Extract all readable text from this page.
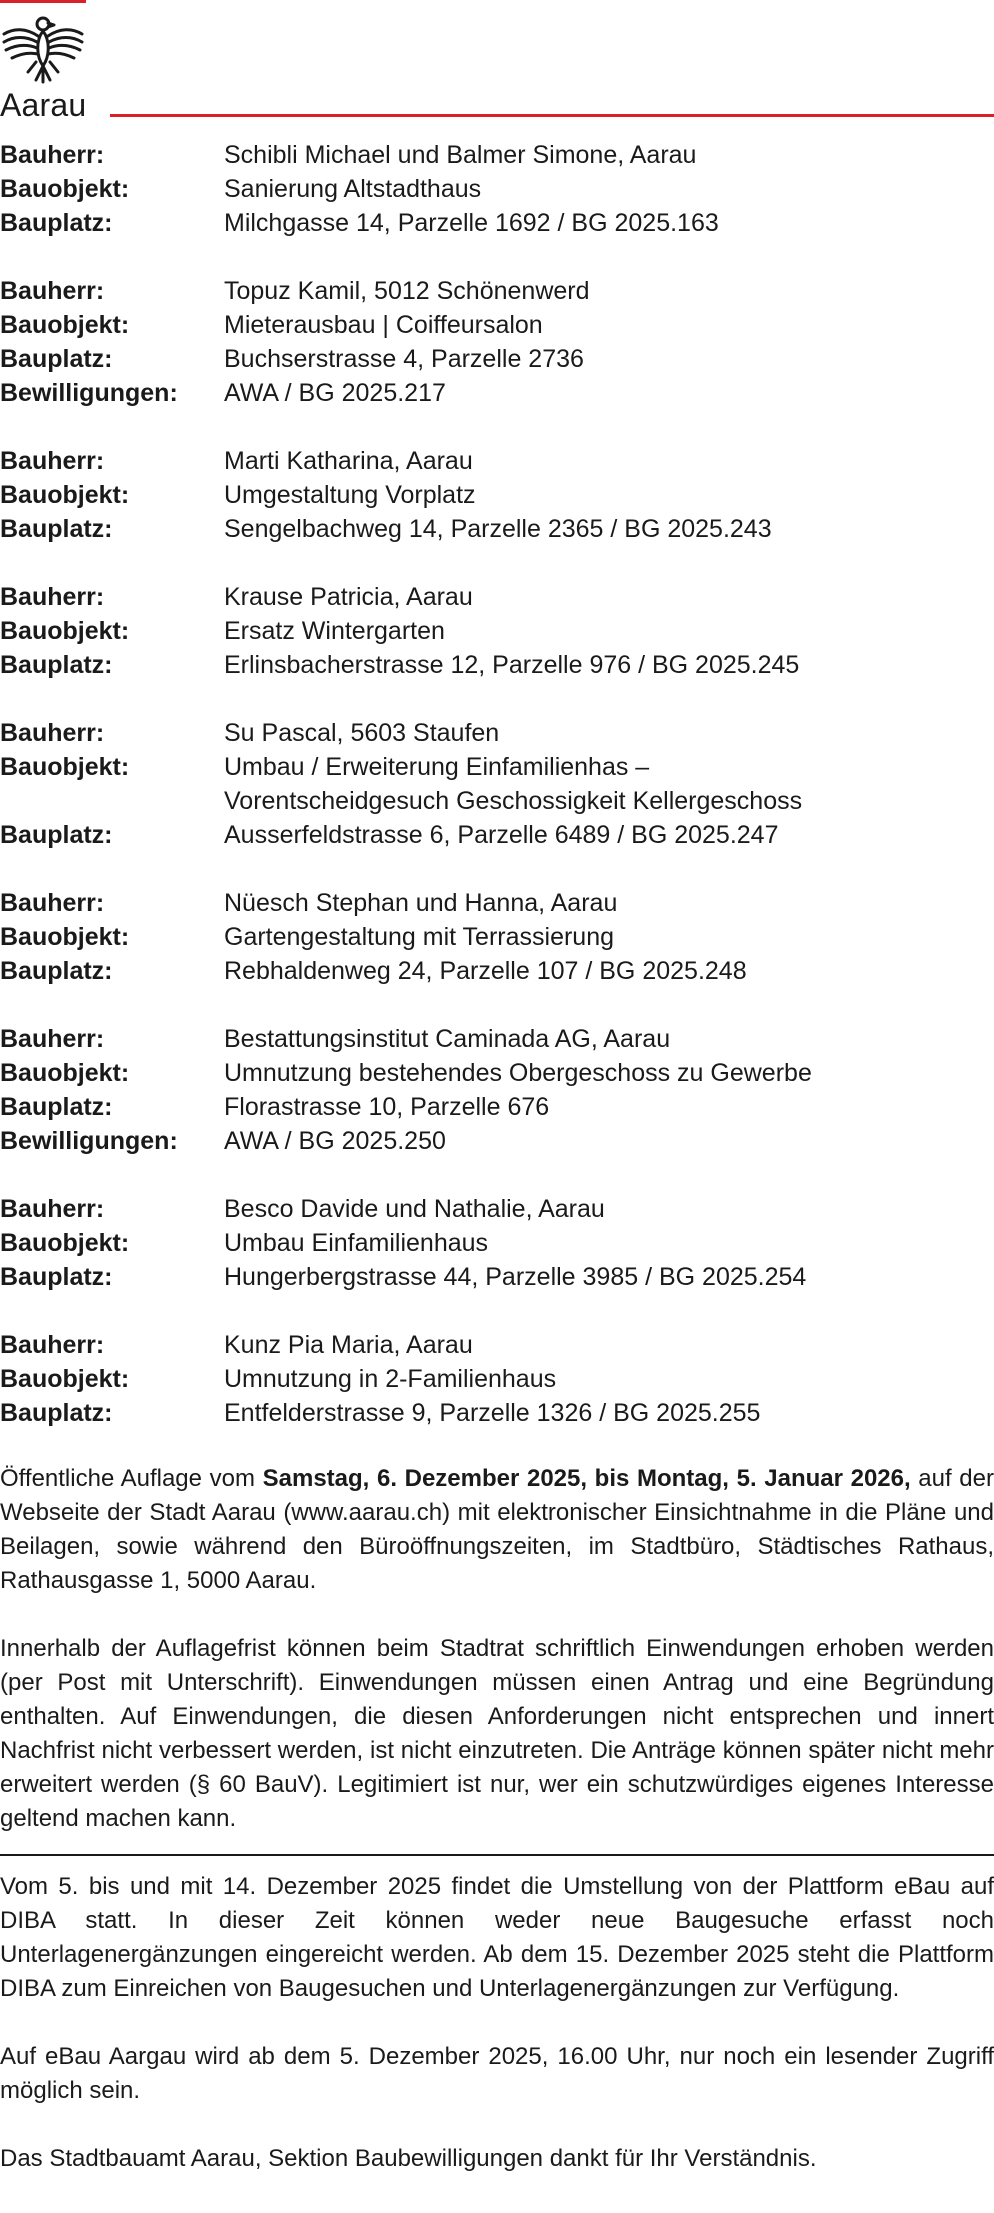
Aarau
Bauherr:	Schibli Michael und Balmer Simone, Aarau
Bauobjekt:	Sanierung Altstadthaus
Bauplatz:	Milchgasse 14, Parzelle 1692 / BG 2025.163
Bauherr:	Topuz Kamil, 5012 Schönenwerd
Bauobjekt:	Mieterausbau | Coiffeursalon
Bauplatz:	Buchserstrasse 4, Parzelle 2736
Bewilligungen:	AWA / BG 2025.217
Bauherr:	Marti Katharina, Aarau
Bauobjekt:	Umgestaltung Vorplatz
Bauplatz:	Sengelbachweg 14, Parzelle 2365 / BG 2025.243
Bauherr:	Krause Patricia, Aarau
Bauobjekt:	Ersatz Wintergarten
Bauplatz:	Erlinsbacherstrasse 12, Parzelle 976 / BG 2025.245
Bauherr:	Su Pascal, 5603 Staufen
Bauobjekt:	Umbau / Erweiterung Einfamilienhas –
Vorentscheidgesuch Geschossigkeit Kellergeschoss
Bauplatz:	Ausserfeldstrasse 6, Parzelle 6489 / BG 2025.247
Bauherr:	Nüesch Stephan und Hanna, Aarau
Bauobjekt:	Gartengestaltung mit Terrassierung
Bauplatz:	Rebhaldenweg 24, Parzelle 107 / BG 2025.248
Bauherr:	Bestattungsinstitut Caminada AG, Aarau
Bauobjekt:	Umnutzung bestehendes Obergeschoss zu Gewerbe
Bauplatz:	Florastrasse 10, Parzelle 676
Bewilligungen:	AWA / BG 2025.250
Bauherr:	Besco Davide und Nathalie, Aarau
Bauobjekt:	Umbau Einfamilienhaus
Bauplatz:	Hungerbergstrasse 44, Parzelle 3985 / BG 2025.254
Bauherr:	Kunz Pia Maria, Aarau
Bauobjekt:	Umnutzung in 2-Familienhaus
Bauplatz:	Entfelderstrasse 9, Parzelle 1326 / BG 2025.255

Öffentliche Auflage vom Samstag, 6. Dezember 2025, bis Montag, 5. Januar 2026, auf der Webseite der Stadt Aarau (www.aarau.ch) mit elektronischer Einsichtnahme in die Pläne und Beilagen, sowie während den Büroöffnungszeiten, im Stadtbüro, Städtisches Rathaus, Rathausgasse 1, 5000 Aarau.

Innerhalb der Auflagefrist können beim Stadtrat schriftlich Einwendungen erhoben werden (per Post mit Unterschrift). Einwendungen müssen einen Antrag und eine Begründung enthalten. Auf Einwendungen, die diesen Anforderungen nicht entsprechen und innert Nachfrist nicht verbessert werden, ist nicht einzutreten. Die Anträge können später nicht mehr erweitert werden (§ 60 BauV). Legitimiert ist nur, wer ein schutzwürdiges eigenes Interesse geltend machen kann.

Vom 5. bis und mit 14. Dezember 2025 findet die Umstellung von der Plattform eBau auf DIBA statt. In dieser Zeit können weder neue Baugesuche erfasst noch Unterlagenergänzungen eingereicht werden. Ab dem 15. Dezember 2025 steht die Plattform DIBA zum Einreichen von Baugesuchen und Unterlagenergänzungen zur Verfügung.

Auf eBau Aargau wird ab dem 5. Dezember 2025, 16.00 Uhr, nur noch ein lesender Zugriff möglich sein.

Das Stadtbauamt Aarau, Sektion Baubewilligungen dankt für Ihr Verständnis.
